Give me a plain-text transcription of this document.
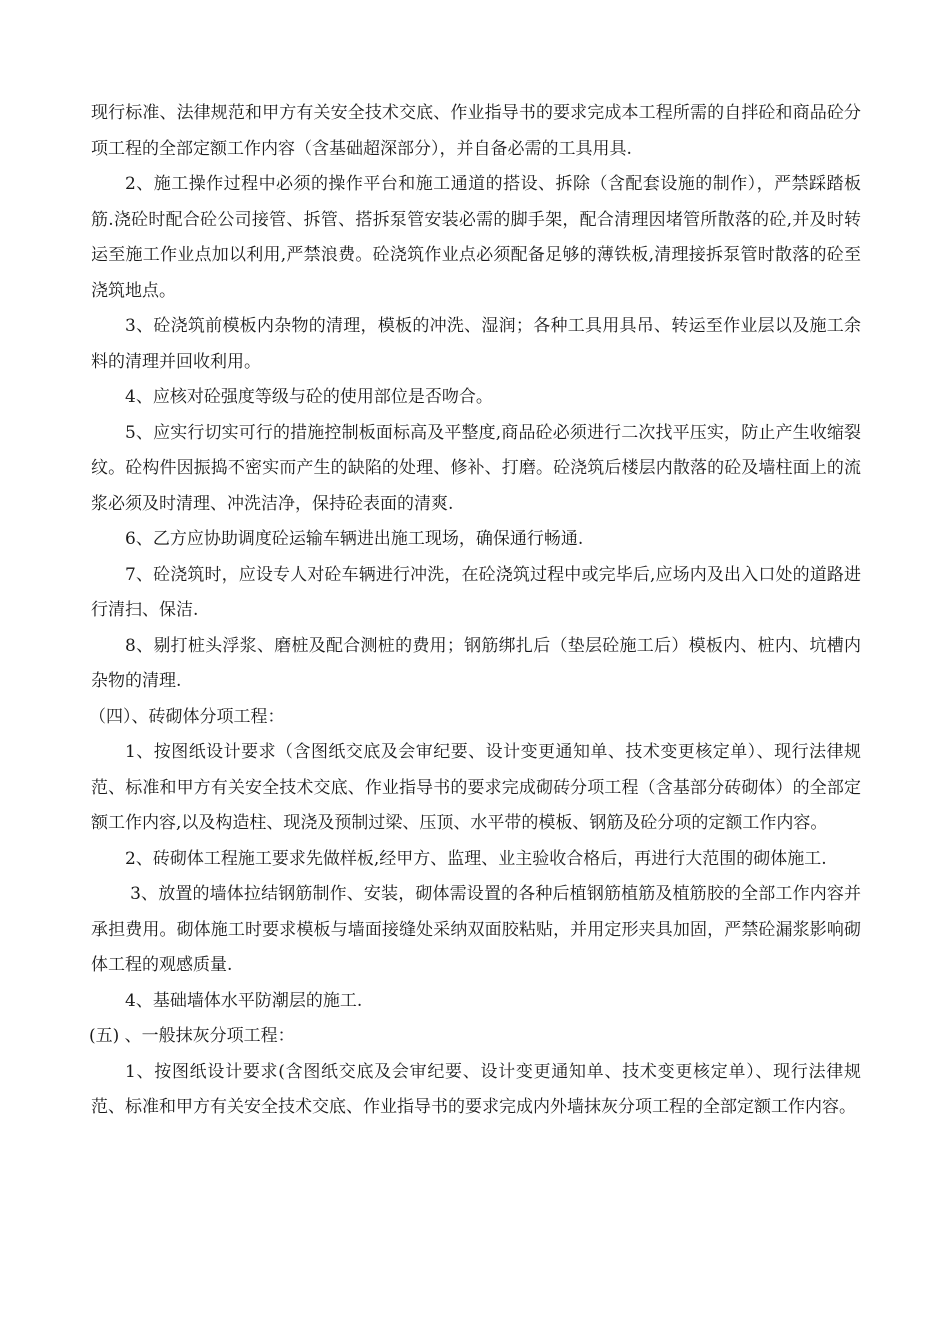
现行标准、法律规范和甲方有关安全技术交底、作业指导书的要求完成本工程所需的自拌砼和商品砼分项工程的全部定额工作内容（含基础超深部分），并自备必需的工具用具.

2、施工操作过程中必须的操作平台和施工通道的搭设、拆除（含配套设施的制作），严禁踩踏板筋.浇砼时配合砼公司接管、拆管、搭拆泵管安装必需的脚手架，配合清理因堵管所散落的砼,并及时转运至施工作业点加以利用,严禁浪费。砼浇筑作业点必须配备足够的薄铁板,清理接拆泵管时散落的砼至浇筑地点。

3、砼浇筑前模板内杂物的清理，模板的冲洗、湿润；各种工具用具吊、转运至作业层以及施工余料的清理并回收利用。

4、应核对砼强度等级与砼的使用部位是否吻合。

5、应实行切实可行的措施控制板面标高及平整度,商品砼必须进行二次找平压实，防止产生收缩裂纹。砼构件因振捣不密实而产生的缺陷的处理、修补、打磨。砼浇筑后楼层内散落的砼及墙柱面上的流浆必须及时清理、冲洗洁净，保持砼表面的清爽.

6、乙方应协助调度砼运输车辆进出施工现场，确保通行畅通.

7、砼浇筑时，应设专人对砼车辆进行冲洗，在砼浇筑过程中或完毕后,应场内及出入口处的道路进行清扫、保洁.

8、剔打桩头浮浆、磨桩及配合测桩的费用；钢筋绑扎后（垫层砼施工后）模板内、桩内、坑槽内杂物的清理.

（四）、砖砌体分项工程：

1、按图纸设计要求（含图纸交底及会审纪要、设计变更通知单、技术变更核定单）、现行法律规范、标准和甲方有关安全技术交底、作业指导书的要求完成砌砖分项工程（含基部分砖砌体）的全部定额工作内容,以及构造柱、现浇及预制过梁、压顶、水平带的模板、钢筋及砼分项的定额工作内容。

2、砖砌体工程施工要求先做样板,经甲方、监理、业主验收合格后，再进行大范围的砌体施工.

3、放置的墙体拉结钢筋制作、安装，砌体需设置的各种后植钢筋植筋及植筋胶的全部工作内容并承担费用。砌体施工时要求模板与墙面接缝处采纳双面胶粘贴，并用定形夹具加固，严禁砼漏浆影响砌体工程的观感质量.

4、基础墙体水平防潮层的施工.

(五) 、一般抹灰分项工程：

1、按图纸设计要求(含图纸交底及会审纪要、设计变更通知单、技术变更核定单）、现行法律规范、标准和甲方有关安全技术交底、作业指导书的要求完成内外墙抹灰分项工程的全部定额工作内容。
